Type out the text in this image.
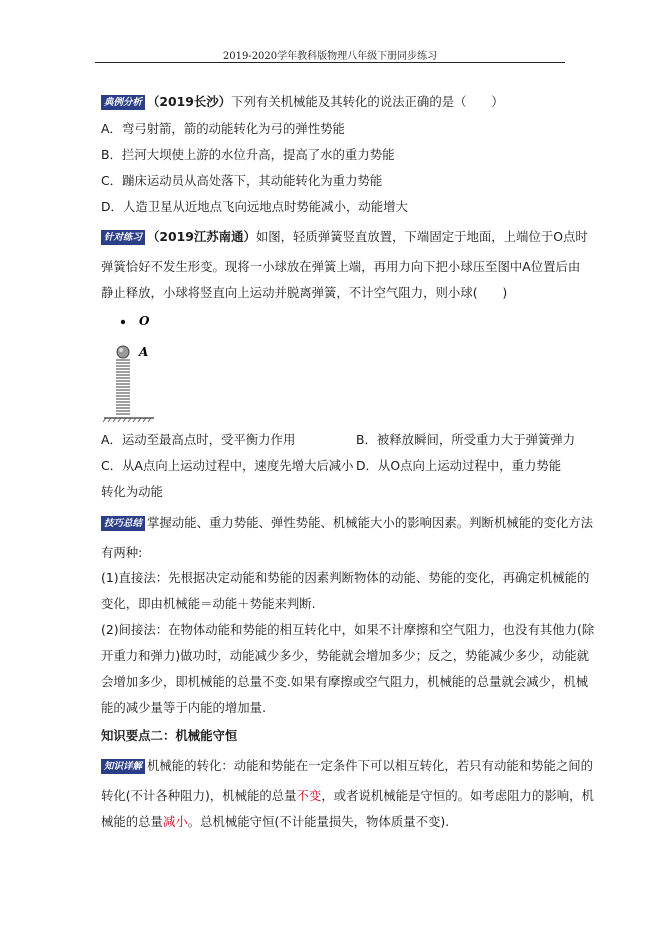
2019-2020学年教科版物理八年级下册同步练习
典例分析 （2019长沙）下列有关机械能及其转化的说法正确的是（　　）
A．弯弓射箭，箭的动能转化为弓的弹性势能
B．拦河大坝使上游的水位升高，提高了水的重力势能
C．蹦床运动员从高处落下，其动能转化为重力势能
D．人造卫星从近地点飞向远地点时势能减小，动能增大
针对练习 （2019江苏南通）如图，轻质弹簧竖直放置，下端固定于地面，上端位于O点时
弹簧恰好不发生形变。现将一小球放在弹簧上端，再用力向下把小球压至图中A位置后由
静止释放，小球将竖直向上运动并脱离弹簧，不计空气阻力，则小球(　　)
O
A
A．运动至最高点时，受平衡力作用	B．被释放瞬间，所受重力大于弹簧弹力
C．从A点向上运动过程中，速度先增大后减小 D．从O点向上运动过程中，重力势能
转化为动能
技巧总结 掌握动能、重力势能、弹性势能、机械能大小的影响因素。判断机械能的变化方法
有两种:
(1)直接法：先根据决定动能和势能的因素判断物体的动能、势能的变化，再确定机械能的
变化，即由机械能＝动能＋势能来判断.
(2)间接法：在物体动能和势能的相互转化中，如果不计摩擦和空气阻力，也没有其他力(除
开重力和弹力)做功时，动能减少多少，势能就会增加多少；反之，势能减少多少，动能就
会增加多少，即机械能的总量不变.如果有摩擦或空气阻力，机械能的总量就会减少，机械
能的减少量等于内能的增加量.
知识要点二：机械能守恒
知识详解 机械能的转化：动能和势能在一定条件下可以相互转化，若只有动能和势能之间的
转化(不计各种阻力)，机械能的总量不变，或者说机械能是守恒的。如考虑阻力的影响，机
械能的总量减小。总机械能守恒(不计能量损失，物体质量不变).
